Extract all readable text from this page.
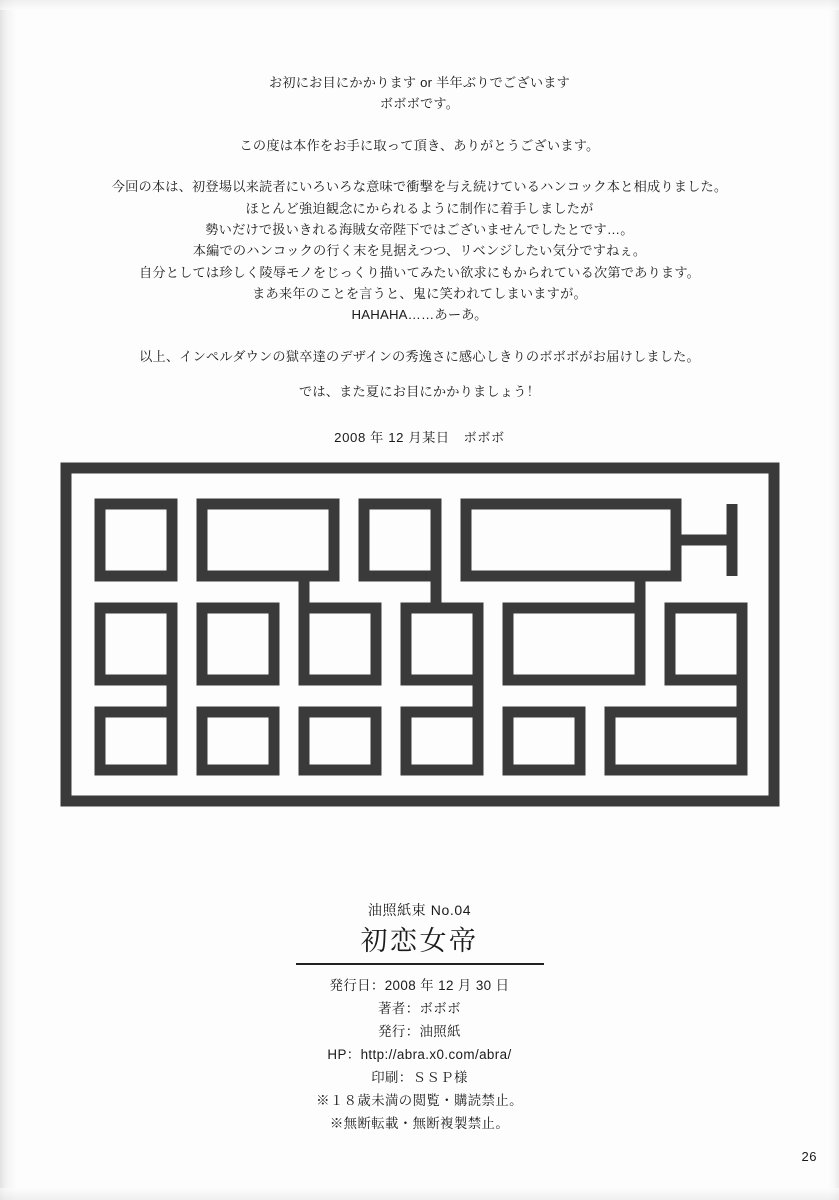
お初にお目にかかります or 半年ぶりでございます

ボボボです。

この度は本作をお手に取って頂き、ありがとうございます。

今回の本は、初登場以来読者にいろいろな意味で衝撃を与え続けているハンコック本と相成りました。

ほとんど強迫観念にかられるように制作に着手しましたが

勢いだけで扱いきれる海賊女帝陛下ではございませんでしたとです…。

本編でのハンコックの行く末を見据えつつ、リベンジしたい気分ですねぇ。

自分としては珍しく陵辱モノをじっくり描いてみたい欲求にもかられている次第であります。

まあ来年のことを言うと、鬼に笑われてしまいますが。

HAHAHA……あーあ。

以上、インペルダウンの獄卒達のデザインの秀逸さに感心しきりのボボボがお届けしました。

では、また夏にお目にかかりましょう！

2008 年 12 月某日　ボボボ

油照紙束 No.04
初恋女帝
発行日：2008 年 12 月 30 日
著者：ボボボ
発行：油照紙
HP：http://abra.x0.com/abra/
印刷：ＳＳＰ様
※１８歳未満の閲覧・購読禁止。
※無断転載・無断複製禁止。
26
